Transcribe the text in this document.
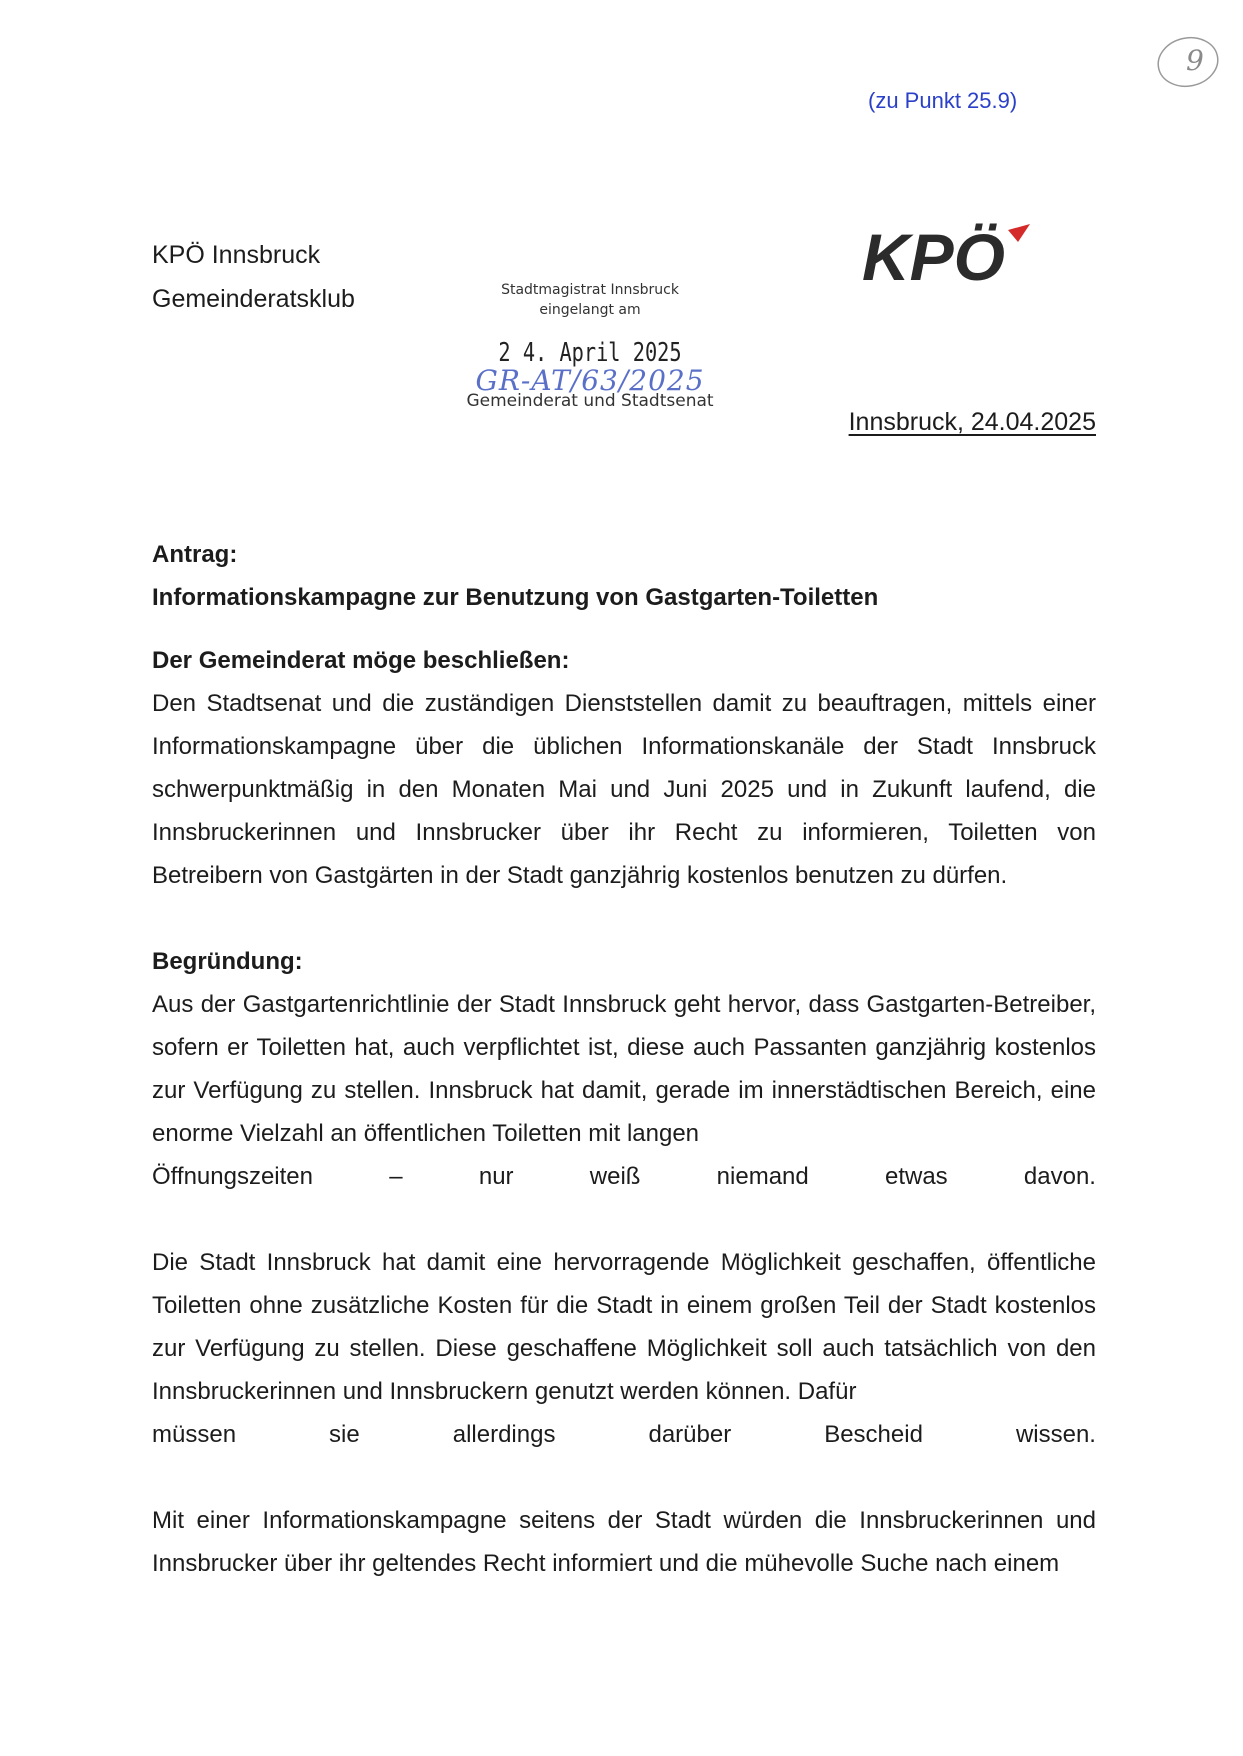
9
(zu Punkt 25.9)
KPÖ Innsbruck
Gemeinderatsklub
KPÖ
Stadtmagistrat Innsbruck
eingelangt am
2 4. April 2025
GR-AT/63/2025
Gemeinderat und Stadtsenat
Innsbruck, 24.04.2025
Antrag:
Informationskampagne zur Benutzung von Gastgarten-Toiletten
Der Gemeinderat möge beschließen:
Den Stadtsenat und die zuständigen Dienststellen damit zu beauftragen, mittels einer Informationskampagne über die üblichen Informationskanäle der Stadt Innsbruck schwerpunktmäßig in den Monaten Mai und Juni 2025 und in Zukunft laufend, die Innsbruckerinnen und Innsbrucker über ihr Recht zu informieren, Toiletten von Betreibern von Gastgärten in der Stadt ganzjährig kostenlos benutzen zu dürfen.
Begründung:
Aus der Gastgartenrichtlinie der Stadt Innsbruck geht hervor, dass Gastgarten-Betreiber, sofern er Toiletten hat, auch verpflichtet ist, diese auch Passanten ganzjährig kostenlos zur Verfügung zu stellen. Innsbruck hat damit, gerade im innerstädtischen Bereich, eine enorme Vielzahl an öffentlichen Toiletten mit langen
Öffnungszeiten	–	nur	weiß	niemand	etwas	davon.
Die Stadt Innsbruck hat damit eine hervorragende Möglichkeit geschaffen, öffentliche Toiletten ohne zusätzliche Kosten für die Stadt in einem großen Teil der Stadt kostenlos zur Verfügung zu stellen. Diese geschaffene Möglichkeit soll auch tatsächlich von den Innsbruckerinnen und Innsbruckern genutzt werden können. Dafür
müssen	sie	allerdings	darüber	Bescheid	wissen.
Mit einer Informationskampagne seitens der Stadt würden die Innsbruckerinnen und Innsbrucker über ihr geltendes Recht informiert und die mühevolle Suche nach einem
